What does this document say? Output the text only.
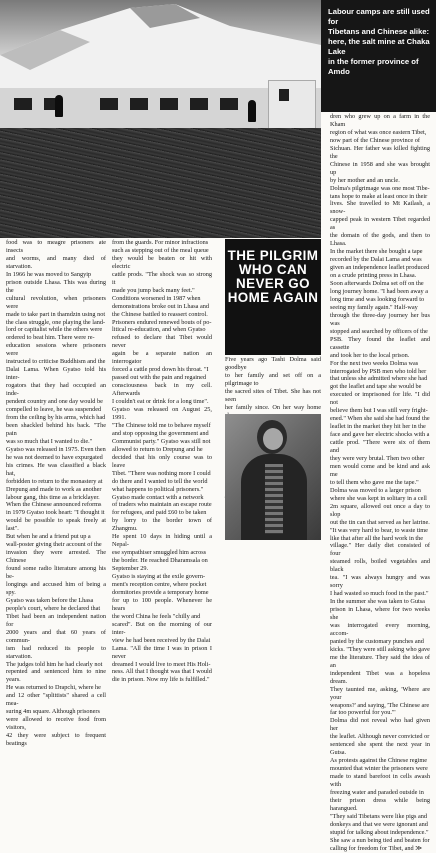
Labour camps are still used for
Tibetans and Chinese alike:
here, the salt mine at Chaka Lake
in the former province of Amdo
food was to meagre prisoners ate insects
and worms, and many died of starvation.
In 1966 he was moved to Sangyip
prison outside Lhasa. This was during the
cultural revolution, when prisoners were
made to take part in thamdzin using not
the class struggle, one playing the land-
lord or capitalist while the others were
ordered to beat him. There were re-
education sessions where prisoners were
instructed to criticise Buddhism and the
Dalai Lama. When Gyatso told his inter-
rogators that they had occupied an inde-
pendent country and one day would be
compelled to leave, he was suspended
from the ceiling by his arms, which had
been shackled behind his back. "The pain
was so much that I wanted to die."
Gyatso was released in 1975. Even then
he was not deemed to have expurgated
his crimes. He was classified a black hat,
forbidden to return to the monastery at
Drepung and made to work as another
labour gang, this time as a bricklayer.
When the Chinese announced reforms
in 1979 Gyatso took heart: "I thought it
would be possible to speak freely at last".
But when he and a friend put up a
wall-poster giving their account of the
invasion they were arrested. The Chinese
found some radio literature among his be-
longings and accused him of being a spy.
Gyatso was taken before the Lhasa
people's court, where he declared that
Tibet had been an independent nation for
2000 years and that 60 years of commun-
ism had reduced its people to starvation.
The judges told him he had clearly not
repented and sentenced him to nine years.
He was returned to Drapchi, where he
and 12 other "splittists" shared a cell mea-
suring 4m square. Although prisoners
were allowed to receive food from visitors,
42 they were subject to frequent beatings
from the guards. For minor infractions
such as stepping out of the meal queue
they would be beaten or hit with electric
cattle prods. "The shock was so strong it
made you jump back many feet."
Conditions worsened in 1987 when
demonstrations broke out in Lhasa and
the Chinese battled to reassert control.
Prisoners endured renewed bouts of po-
litical re-education, and when Gyatso
refused to declare that Tibet would never
again be a separate nation an interrogator
forced a cattle prod down his throat. "I
passed out with the pain and regained
consciousness back in my cell. Afterwards
I couldn't eat or drink for a long time".
Gyatso was released on August 25, 1991.
"The Chinese told me to behave myself
and stop opposing the government and
Communist party." Gyatso was still not
allowed to return to Drepung and he
decided that his only course was to leave
Tibet. "There was nothing more I could
do there and I wanted to tell the world
what happens to political prisoners."
Gyatso made contact with a network
of traders who maintain an escape route
for refugees, and paid £60 to be taken
by lorry to the border town of Zhangmu.
He spent 10 days in hiding until a Nepal-
ese sympathiser smuggled him across
the border. He reached Dharamsala on
September 29.
Gyatso is staying at the exile govern-
ment's reception centre, where pocket
dormitories provide a temporary home
for up to 100 people. Whenever he hears
the word China he feels "chilly and
scared". But on the morning of our inter-
view he had been received by the Dalai
Lama. "All the time I was in prison I never
dreamed I would live to meet His Holi-
ness. All that I thought was that I would
die in prison. Now my life is fulfilled."
THE PILGRIM
WHO CAN
NEVER GO
HOME AGAIN
Five years ago Tashi Dolma said goodbye
to her family and set off on a pilgrimage to
the sacred sites of Tibet. She has not seen
her family since. On her way home

dren who grew up on a farm in the Kham
region of what was once eastern Tibet,
now part of the Chinese province of
Sichuan. Her father was killed fighting the
Chinese in 1958 and she was brought up
by her mother and an uncle.
Dolma's pilgrimage was one most Tibe-
tans hope to make at least once in their
lives. She travelled to Mt Kailash, a snow-
capped peak in western Tibet regarded as
the domain of the gods, and then to Lhasa.
In the market there she bought a tape
recorded by the Dalai Lama and was
given an independence leaflet produced
on a crude printing press in Lhasa.
Soon afterwards Dolma set off on the
long journey home. "I had been away a
long time and was looking forward to
seeing my family again." Half-way
through the three-day journey her bus was
stopped and searched by officers of the
PSB. They found the leaflet and cassette
and took her to the local prison.
For the next two weeks Dolma was
interrogated by PSB men who told her
that unless she admitted where she had
got the leaflet and tape she would be
executed or imprisoned for life. "I did not
believe them but I was still very fright-
ened." When she said she had found the
leaflet in the market they hit her in the
face and gave her electric shocks with a
cattle prod. "There were six of them and
they were very brutal. Then two other
men would come and be kind and ask me
to tell them who gave me the tape."
Dolma was moved to a larger prison
where she was kept in solitary in a cell
2m square, allowed out once a day to slop
out the tin can that served as her latrine.
"It was very hard to bear, to waste time
like that after all the hard work in the
village." Her daily diet consisted of four
steamed rolls, boiled vegetables and black
tea. "I was always hungry and was sorry
I had wasted so much food in the past."
In the summer she was taken to Gutsa
prison in Lhasa, where for two weeks she
was interrogated every morning, accom-
panied by the customary punches and
kicks. "They were still asking who gave
me the literature. They said the idea of an
independent Tibet was a hopeless dream.
They taunted me, asking, 'Where are your
weapons?' and saying, 'The Chinese are
far too powerful for you.'"
Dolma did not reveal who had given her
the leaflet. Although never convicted or
sentenced she spent the next year in Gutsa.
As protests against the Chinese regime
mounted that winter the prisoners were
made to stand barefoot in cells awash with
freezing water and paraded outside in
their prison dress while being harangued.
"They said Tibetans were like pigs and
donkeys and that we were ignorant and
stupid for talking about independence."
She saw a nun being tied and beaten for
calling for freedom for Tibet, and ≫
